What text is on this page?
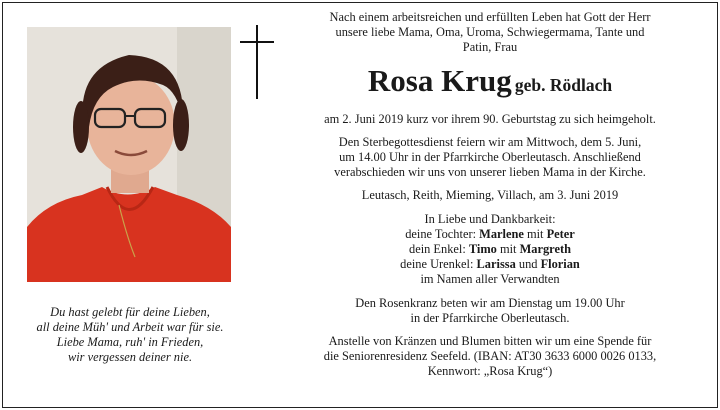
Du hast gelebt für deine Lieben,
all deine Müh' und Arbeit war für sie.
Liebe Mama, ruh' in Frieden,
wir vergessen deiner nie.
Nach einem arbeitsreichen und erfüllten Leben hat Gott der Herr
unsere liebe Mama, Oma, Uroma, Schwiegermama, Tante und
Patin, Frau
Rosa Krug geb. Rödlach
am 2. Juni 2019 kurz vor ihrem 90. Geburtstag zu sich heimgeholt.
Den Sterbegottesdienst feiern wir am Mittwoch, dem 5. Juni,
um 14.00 Uhr in der Pfarrkirche Oberleutasch. Anschließend
verabschieden wir uns von unserer lieben Mama in der Kirche.
Leutasch, Reith, Mieming, Villach, am 3. Juni 2019
In Liebe und Dankbarkeit:
deine Tochter: Marlene mit Peter
dein Enkel: Timo mit Margreth
deine Urenkel: Larissa und Florian
im Namen aller Verwandten
Den Rosenkranz beten wir am Dienstag um 19.00 Uhr
in der Pfarrkirche Oberleutasch.
Anstelle von Kränzen und Blumen bitten wir um eine Spende für
die Seniorenresidenz Seefeld. (IBAN: AT30 3633 6000 0026 0133,
Kennwort: „Rosa Krug“)
